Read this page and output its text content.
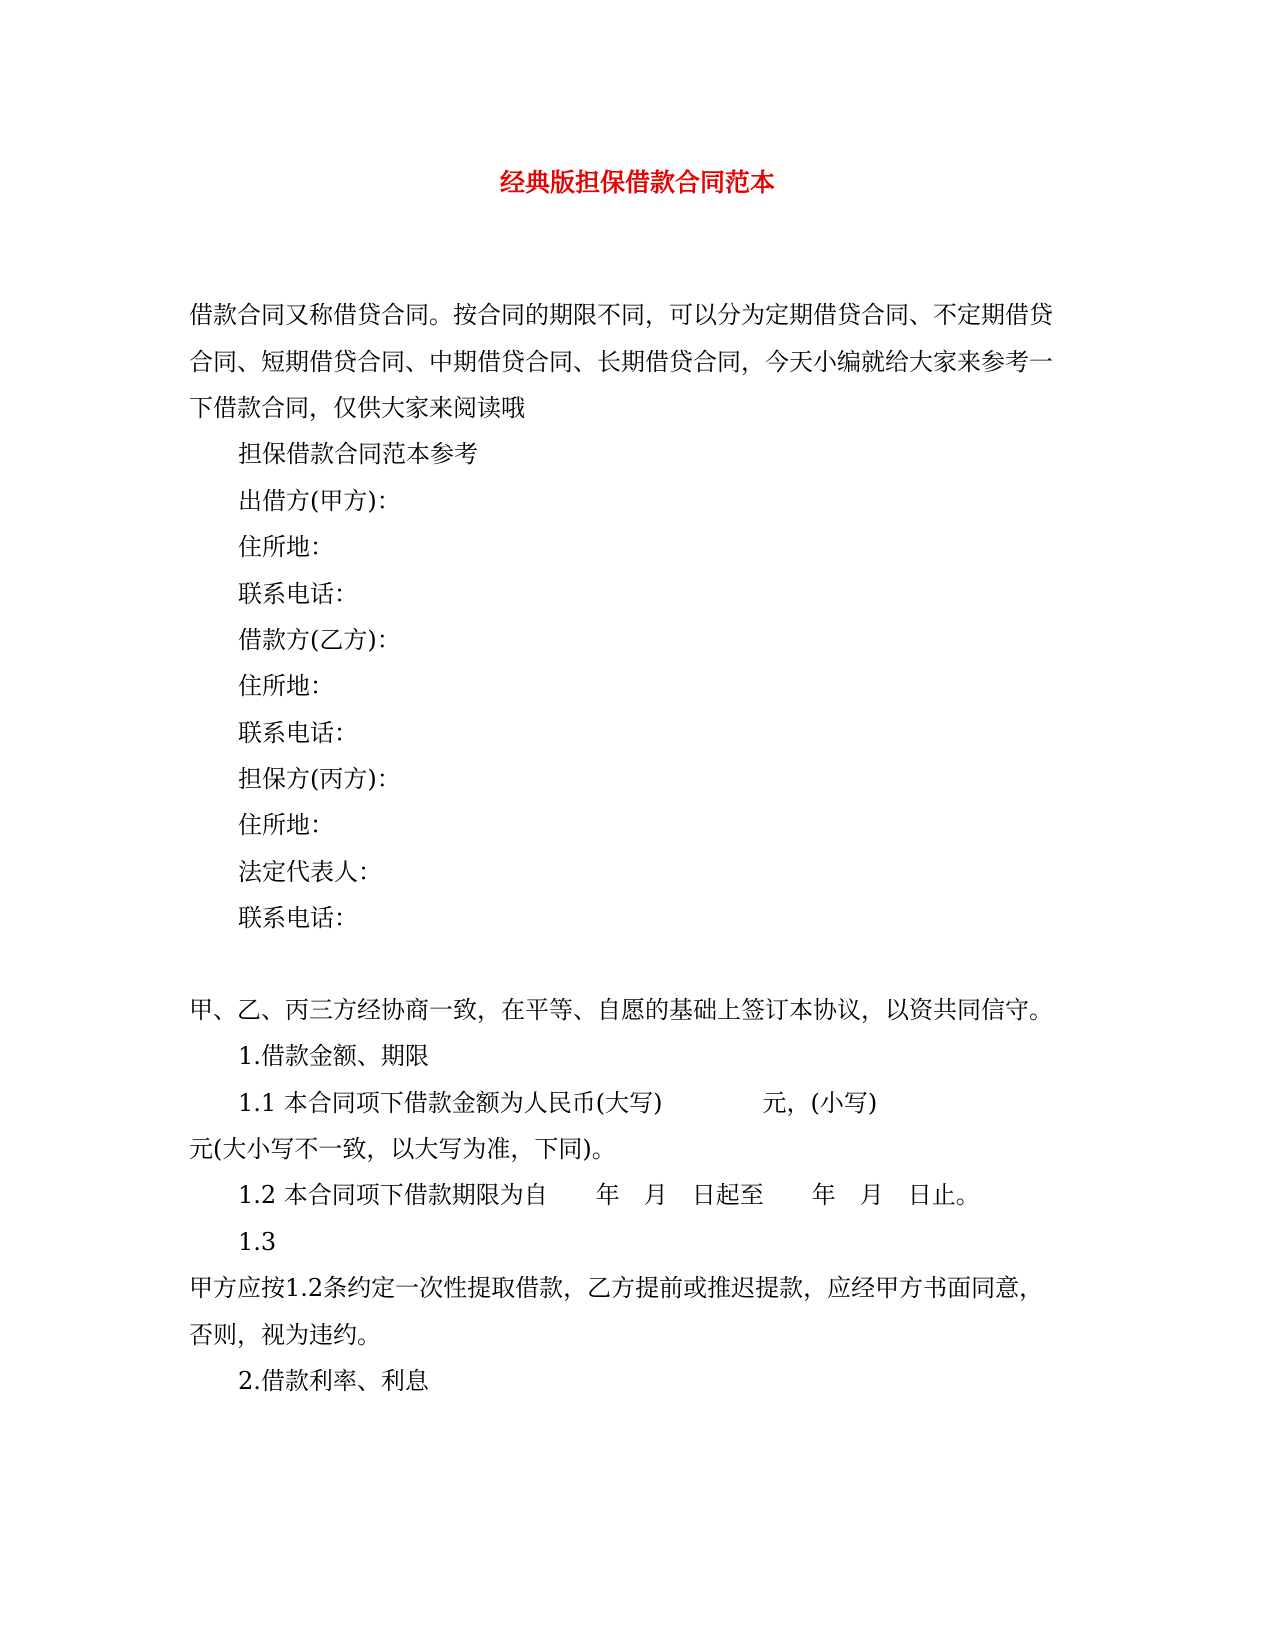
经典版担保借款合同范本

借款合同又称借贷合同。按合同的期限不同，可以分为定期借贷合同、不定期借贷

合同、短期借贷合同、中期借贷合同、长期借贷合同，今天小编就给大家来参考一

下借款合同，仅供大家来阅读哦

担保借款合同范本参考

出借方(甲方)：

住所地：

联系电话：

借款方(乙方)：

住所地：

联系电话：

担保方(丙方)：

住所地：

法定代表人：

联系电话：

甲、乙、丙三方经协商一致，在平等、自愿的基础上签订本协议，以资共同信守。

1.借款金额、期限

1.1 本合同项下借款金额为人民币(大写)	元，(小写)

元(大小写不一致，以大写为准，下同)。

1.2 本合同项下借款期限为自 年 月 日起至 年 月 日止。

1.3

甲方应按1.2条约定一次性提取借款，乙方提前或推迟提款，应经甲方书面同意，

否则，视为违约。

2.借款利率、利息
